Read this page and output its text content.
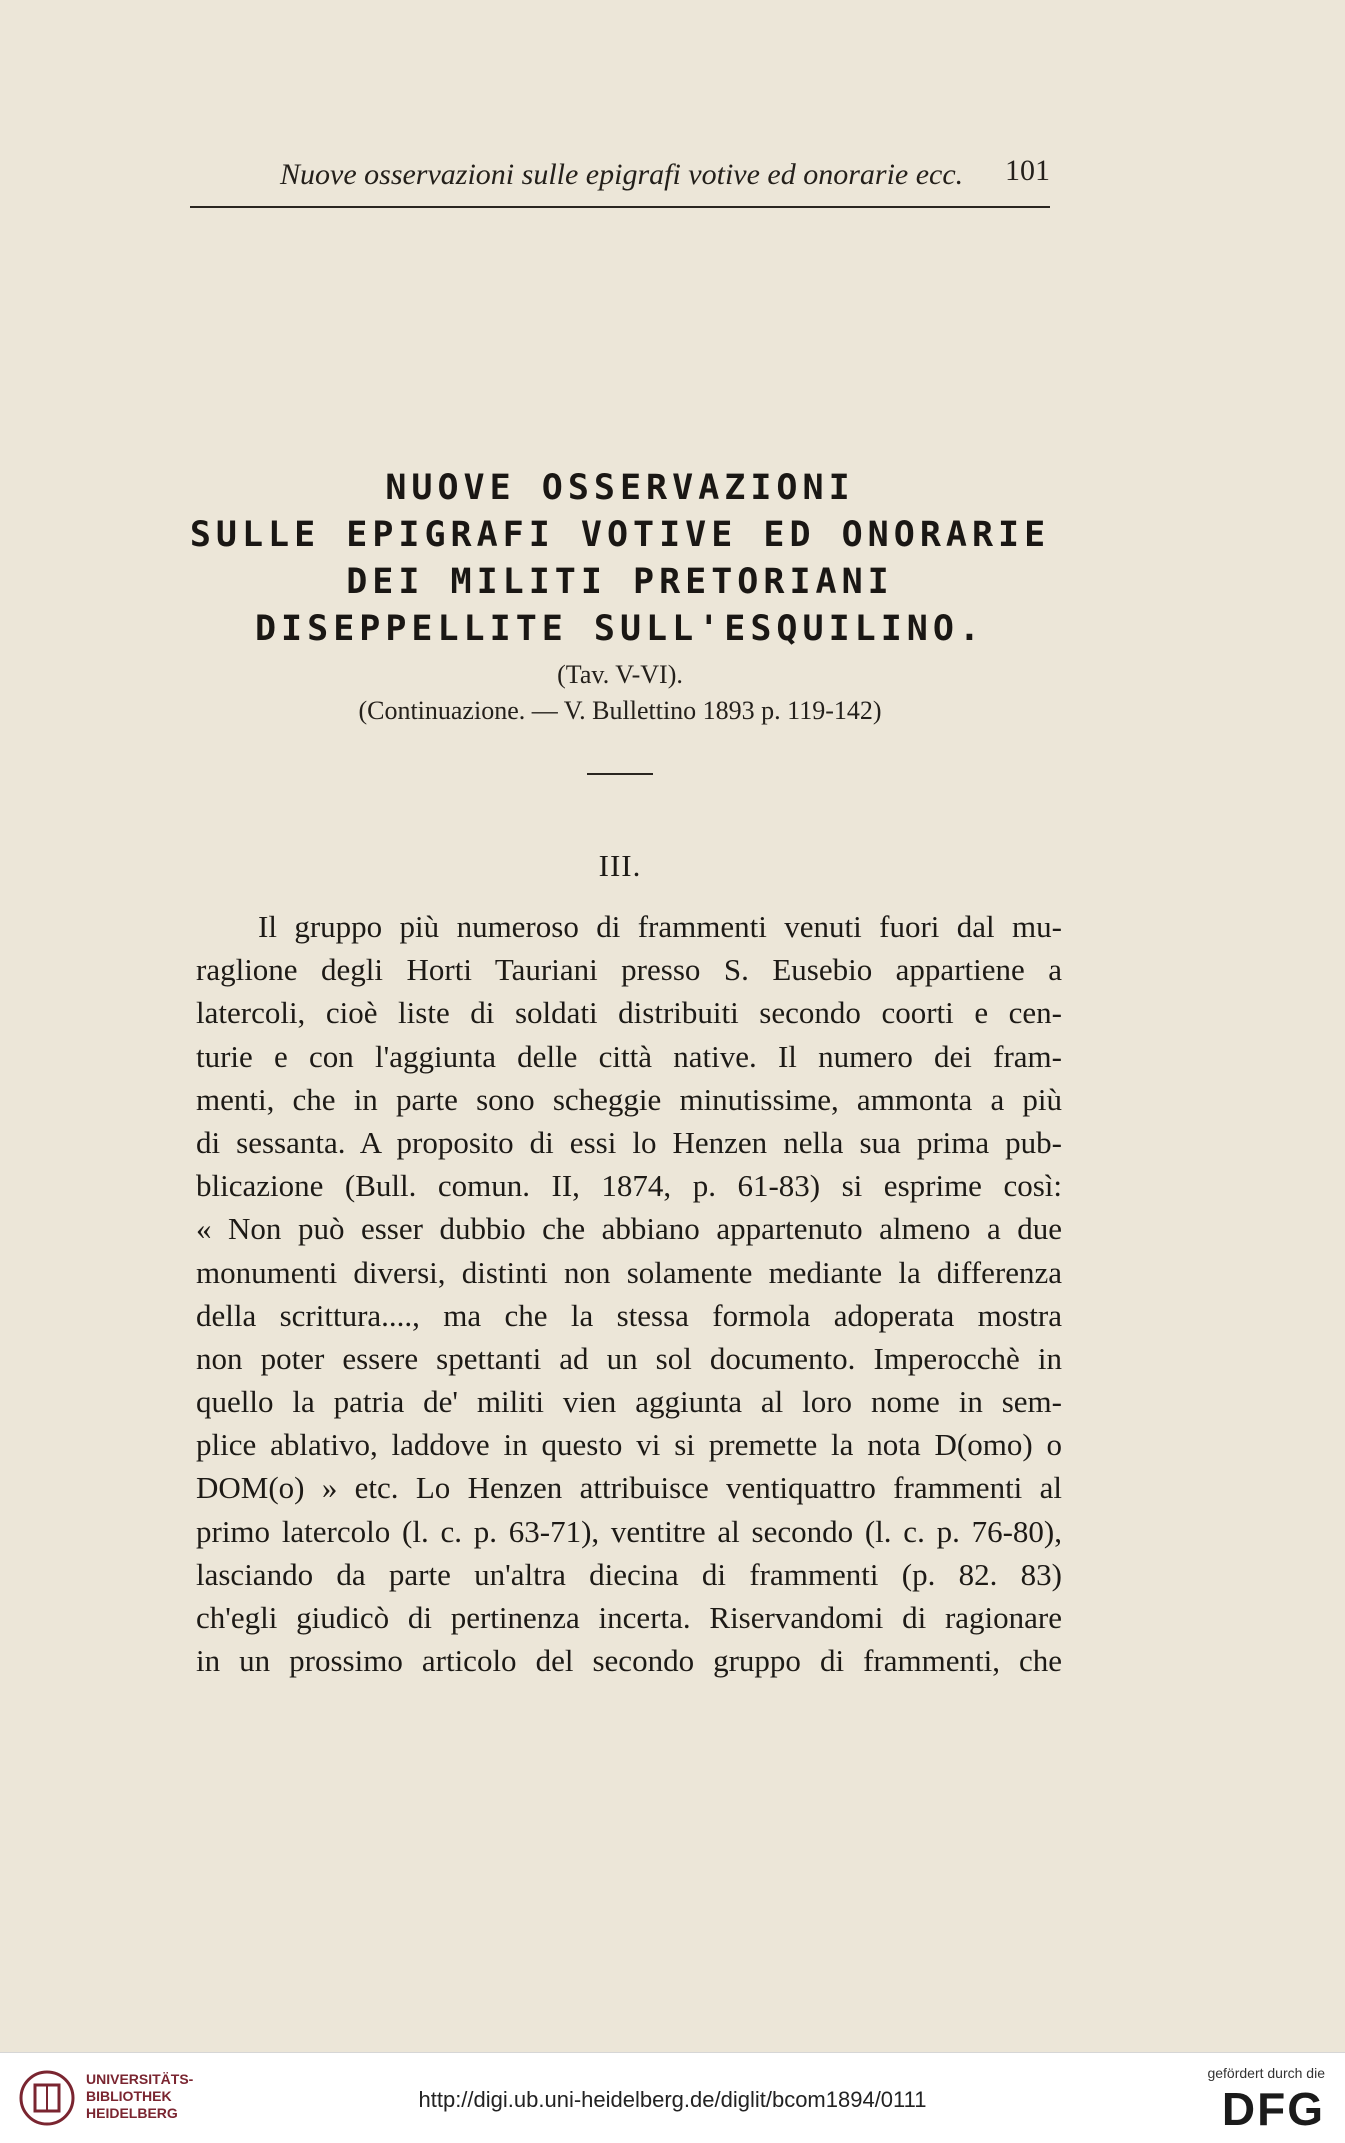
Nuove osservazioni sulle epigrafi votive ed onorarie ecc. 101
NUOVE OSSERVAZIONI
SULLE EPIGRAFI VOTIVE ED ONORARIE
DEI MILITI PRETORIANI
DISEPPELLITE SULL'ESQUILINO.
(Tav. V-VI).
(Continuazione. — V. Bullettino 1893 p. 119-142)
III.
Il gruppo più numeroso di frammenti venuti fuori dal mu-
raglione degli Horti Tauriani presso S. Eusebio appartiene a
latercoli, cioè liste di soldati distribuiti secondo coorti e cen-
turie e con l'aggiunta delle città native. Il numero dei fram-
menti, che in parte sono scheggie minutissime, ammonta a più
di sessanta. A proposito di essi lo Henzen nella sua prima pub-
blicazione (Bull. comun. II, 1874, p. 61-83) si esprime così:
« Non può esser dubbio che abbiano appartenuto almeno a due
monumenti diversi, distinti non solamente mediante la differenza
della scrittura...., ma che la stessa formola adoperata mostra
non poter essere spettanti ad un sol documento. Imperocchè in
quello la patria de' militi vien aggiunta al loro nome in sem-
plice ablativo, laddove in questo vi si premette la nota D(omo) o
DOM(o) » etc. Lo Henzen attribuisce ventiquattro frammenti al
primo latercolo (l. c. p. 63-71), ventitre al secondo (l. c. p. 76-80),
lasciando da parte un'altra diecina di frammenti (p. 82. 83)
ch'egli giudicò di pertinenza incerta. Riservandomi di ragionare
in un prossimo articolo del secondo gruppo di frammenti, che
UNIVERSITÄTS-
BIBLIOTHEK
HEIDELBERG
http://digi.ub.uni-heidelberg.de/diglit/bcom1894/0111
gefördert durch die
DFG
